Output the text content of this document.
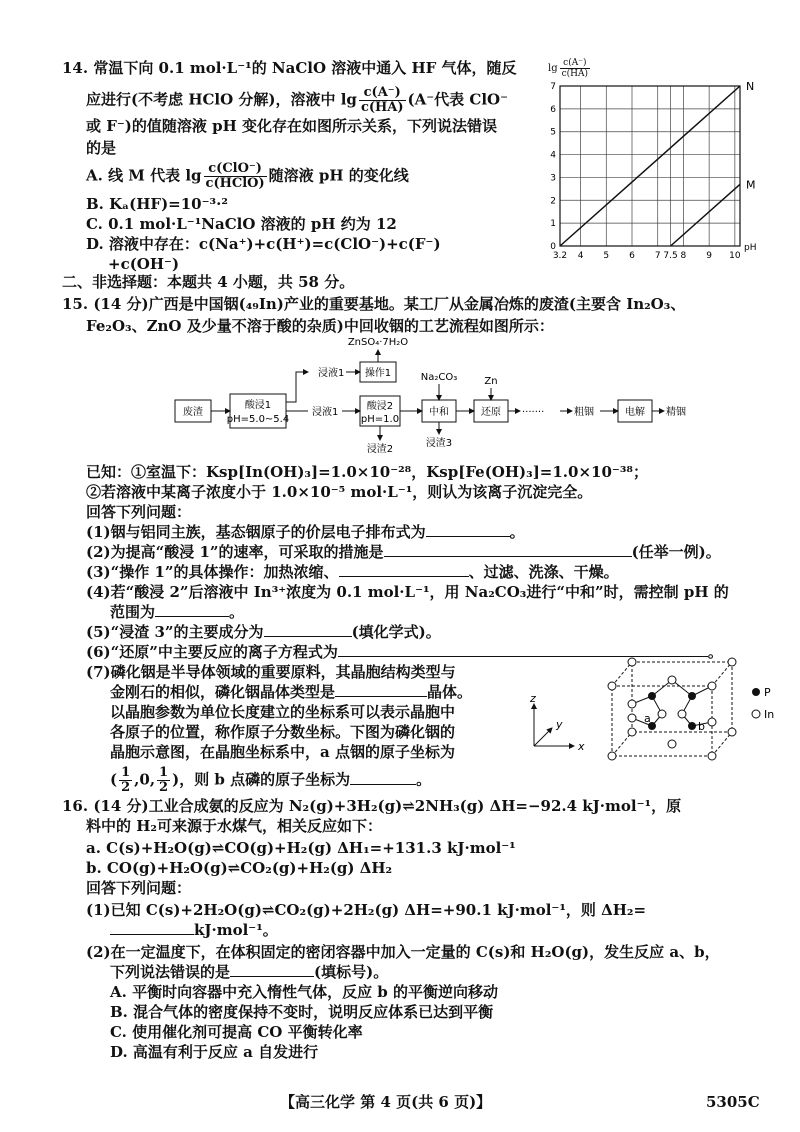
14. 常温下向 0.1 mol·L⁻¹的 NaClO 溶液中通入 HF 气体，随反
应进行(不考虑 HClO 分解)，溶液中 $\lg \frac{c(A^-)}{c(HA)} (A^-$代表 ClO⁻
或 F⁻)的值随溶液 pH 变化存在如图所示关系，下列说法错误
的是
A. 线 M 代表 $\lg \frac{\text{c(ClO⁻)}}{\text{c(HClO)}}$ 随溶液 pH 的变化线
B. Kₐ(HF)=10⁻³·²
C. 0.1 mol·L⁻¹NaClO 溶液的 pH 约为 12
D. 溶液中存在：c(Na⁺)+c(H⁺)=c(ClO⁻)+c(F⁻)
+c(OH⁻)
$\lg \frac{c(A^-)}{c(HA)}$
3.2 4 5 6 7 7.5 8 9 10
0
1
2
3
4
5
6
7
pH
N
M
二、非选择题：本题共 4 小题，共 58 分。
15. (14 分)广西是中国铟(₄₉In)产业的重要基地。某工厂从金属冶炼的废渣(主要含 In₂O₃、
Fe₂O₃、ZnO 及少量不溶于酸的杂质)中回收铟的工艺流程如图所示：
废渣
酸浸1
pH=5.0~5.4
浸液1 操作1
ZnSO₄·7H₂O
浸液1
酸浸2
pH=1.0
浸渣2
中和
Na₂CO₃
浸渣3
还原
Zn
·······	粗铟	电解 精铟
已知：①室温下：Ksp[In(OH)₃]=1.0×10⁻²⁸，Ksp[Fe(OH)₃]=1.0×10⁻³⁸；
②若溶液中某离子浓度小于 1.0×10⁻⁵ mol·L⁻¹，则认为该离子沉淀完全。
回答下列问题：
(1)铟与铝同主族，基态铟原子的价层电子排布式为	。
(2)为提高“酸浸 1”的速率，可采取的措施是	(任举一例)。
(3)“操作 1”的具体操作：加热浓缩、	、过滤、洗涤、干燥。
(4)若“酸浸 2”后溶液中 In³⁺浓度为 0.1 mol·L⁻¹，用 Na₂CO₃进行“中和”时，需控制 pH 的
范围为	。
(5)“浸渣 3”的主要成分为	(填化学式)。
(6)“还原”中主要反应的离子方程式为	。
(7)磷化铟是半导体领域的重要原料，其晶胞结构类型与
金刚石的相似，磷化铟晶体类型是	晶体。
以晶胞参数为单位长度建立的坐标系可以表示晶胞中
各原子的位置，称作原子分数坐标。下图为磷化铟的
晶胞示意图，在晶胞坐标系中，a 点铟的原子坐标为
( $\frac{1}{2} ,0$, $\frac{1}{2}$ )，则 b 点磷的原子坐标为	。
z
y
x
a
b
P
In
16. (14 分)工业合成氨的反应为 N₂(g)+3H₂(g)⇌2NH₃(g) ΔH=−92.4 kJ·mol⁻¹，原
料中的 H₂可来源于水煤气，相关反应如下：
a. C(s)+H₂O(g)⇌CO(g)+H₂(g) ΔH₁=+131.3 kJ·mol⁻¹
b. CO(g)+H₂O(g)⇌CO₂(g)+H₂(g) ΔH₂
回答下列问题：
(1)已知 C(s)+2H₂O(g)⇌CO₂(g)+2H₂(g) ΔH=+90.1 kJ·mol⁻¹，则 ΔH₂=
kJ·mol⁻¹。
(2)在一定温度下，在体积固定的密闭容器中加入一定量的 C(s)和 H₂O(g)，发生反应 a、b，
下列说法错误的是	(填标号)。
A. 平衡时向容器中充入惰性气体，反应 b 的平衡逆向移动
B. 混合气体的密度保持不变时，说明反应体系已达到平衡
C. 使用催化剂可提高 CO 平衡转化率
D. 高温有利于反应 a 自发进行
【高三化学 第 4 页(共 6 页)】	5305C
